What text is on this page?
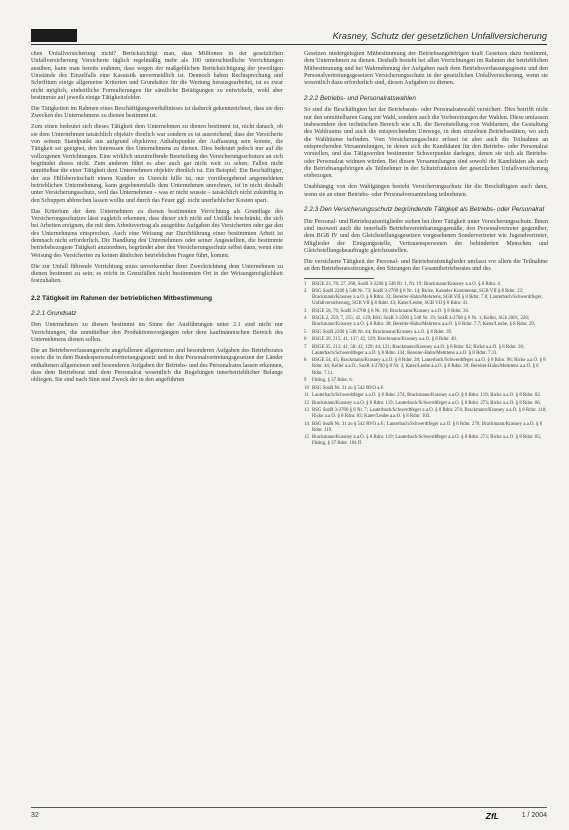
Krasney, Schutz der gesetzlichen Unfallversicherung

chen Unfallversicherung nicht? Berücksichtigt man, dass Millionen in der gesetzlichen Unfallversicherung Versicherte täglich regelmäßig mehr als 100 unterschiedliche Verrichtungen ausüben, kann man bereits erahnen, dass wegen der maßgeblichen Berücksichtigung der jeweiligen Umstände des Einzelfalls eine Kasuistik unvermeidlich ist. Dennoch haben Rechtsprechung und Schrifttum einige allgemeine Kriterien und Grundsätze für die Wertung herausgearbeitet, ist es zwar nicht möglich, einheitliche Formulierungen für sämtliche Betätigungen zu entwickeln, wohl aber bestimmte auf jeweils einige Tätigkeitsfelder.

Die Tätigkeiten im Rahmen eines Beschäftigungsverhältnisses ist dadurch gekennzeichnet, dass sie den Zwecken des Unternehmens zu dienen bestimmt ist.

Zum einen bedeutet sich dieses Tätigkeit dem Unternehmen zu dienen bestimmt ist, nicht danach, ob sie dem Unternehmen tatsächlich objektiv dienlich war sondern es ist ausreichend, dass der Versicherte von seinem Standpunkt aus aufgrund objektiver Anhaltspunkte der Auffassung sein konnte, die Tätigkeit sei geeignet, den Interessen des Unternehmens zu dienen. Dies bedeutet jedoch nur auf die vollzogenen Verrichtungen. Eine wirklich unzutreffende Beurteilung des Versicherungsschutzes an sich begründet dieses nicht. Zum anderen führt es aber auch gar nicht weit zu sehen: Fallen nicht unmittelbar die einer Tätigkeit dem Unternehmen objektiv dienlich ist. Ein Beispiel: Ein Beschäftigter, der aus Hilfsbereitschaft einem Kunden zu Unrecht hilfe ist, nur vorrübergehend angemeldeten betrieblichen Unternehmung, kann gegebenenfalls dem Unternehmen anrechnen, ist in nicht deshalb unter Versicherungsschutz, weil das Unternehmen – was er nicht wusste – tatsächlich nicht zukünftig in den Schuppen abbrechen lassen wollte und durch das Feuer ggf. nicht unerheblicher Kosten spart.

Das Kriterium der dem Unternehmen zu dienen bestimmten Verrichtung als Grundlage des Versicherungsschutzes lässt zugleich erkennen, dass dieser sich nicht auf Unfälle beschränkt, die sich bei Arbeiten ereignen, die mit dem Arbeitsvertrag als ausgeübte Aufgaben des Versicherten oder gar den des Unternehmens entsprechen. Auch eine Weisung zur Durchführung einer bestimmten Arbeit ist demnach nicht erforderlich. Die Handlung des Unternehmers oder seiner Angestellten, die bestimmte betriebsbezogene Tätigkeit anzuordnen, begründet aber den Versicherungsschutz selbst dann, wenn eine Weisung des Versicherten zu keinen ähnlichen betrieblichen Fragen führt, kommt.

Die zur Unfall führende Verrichtung muss unverkennbar ihrer Zweckrichtung dem Unternehmen zu dienen bestimmt zu sein; es reicht in Grenzfällen nicht bestimmten Ort in der Weisungsmöglichkeit festzuhalten.

2.2 Tätigkeit im Rahmen der betrieblichen Mitbestimmung
2.2.1 Grundsatz

Den Unternehmen zu dienen bestimmt im Sinne der Ausführungen unter 2.1 sind nicht nur Verrichtungen, die unmittelbar den Produktionsvorgängen oder dem kaufmännischen Bereich des Unternehmens dienen sollen.

Die an Betriebsverfassungsrecht angefallenen allgemeinen und besonderen Aufgaben des Betriebsrates sowie die in dem Bundespersonalvertretungsgesetz und in den Personalvertretungsgesetzen der Länder enthaltenen allgemeinen und besonderen Aufgaben der Betriebs- und des Personalrates lassen erkennen, dass dem Betriebsrat und dem Personalrat wesentlich die Regelungen innerbetrieblicher Belange obliegen. Sie sind nach Sinn und Zweck der in den angeführten

Gesetzen niedergelegten Mitbestimmung der Betriebsangehörigen kraft Gesetzes dazu bestimmt, dem Unternehmen zu dienen. Deshalb besteht bei allen Verrichtungen im Rahmen der betrieblichen Mitbestimmung und bei Wahrnehmung der Aufgaben nach dem Betriebsverfassungsgesetz und den Personalvertretungsgesetzen Versicherungsschutz in der gesetzlichen Unfallversicherung, wenn sie wesentlich dazu erforderlich sind, diesen Aufgaben zu dienen.

2.2.2 Betriebs- und Personalratswahlen

So sind die Beschäftigten bei der Betriebsrats- oder Personalratswahl versichert. Dies betrifft nicht nur den unmittelbaren Gang zur Wahl, sondern auch die Vorbereitungen der Wahlen. Diese umfassen insbesondere den technischen Bereich wie z.B. die Bereitstellung von Wahlurnen, die Gestaltung des Wahlraums und auch die entsprechenden Umwege, in dem einzelnen Betriebsstätten, wo sich die Wahlräume befinden. Vom Versicherungsschutz erfasst ist aber auch die Teilnahme an entsprechenden Versammlungen, in denen sich die Kandidaten für den Betriebs- oder Personalrat vorstellen, und das Tätigwerden bestimmter Schwerpunkte darlegen, denen sie sich als Betriebs- oder Personalrat widmen würden. Bei diesen Versammlungen sind sowohl die Kandidaten als auch die Betriebsangehörigen als Teilnehmer in der Schutzfunktion der gesetzlichen Unfallversicherung einbezogen.

Unabhängig von den Wahlgängen besteht Versicherungsschutz für die Beschäftigten auch dann, wenn sie an einer Betriebs- oder Personalversammlung teilnehmen.

2.2.3 Den Versicherungsschutz begründende Tätigkeit als Betriebs- oder Personalrat

Die Personal- und Betriebsratsmitglieder stehen bei ihrer Tätigkeit unter Versicherungsschutz. Ihnen sind insoweit auch die innerhalb Betriebsvereinbarungsgemäße, den Personalvertreter gegenüber, dem BGB IV und den Gleichstellungsgesetzen vorgesehenen Sondervertreter wie Jugendvertreter, Mitglieder der Einigungsstelle, Vertrauenspersonen der behinderten Menschen und Gleichstellungsbeauftragte gleichzustellen.

Die versicherte Tätigkeit der Personal- und Betriebsratsmitglieder umfasst vor allem die Teilnahme an den Betriebsratssitzungen, den Sitzungen der Gesamtbetriebsrates und des

1	BSGE 23, 76; 27, 266; SozR 3-2200 § 548 Nr. 1, Nr. 19; Brackmann/Krasney a.a.O. § 8 Rdnr. 4.
2	BSG SozR 2200 § 548 Nr. 73; SozR 3-2700 § 8 Nr. 14; Ricke, Kasseler Kommentar, SGB VII § 8 Rdnr. 22; Brackmann/Krasney a.a.O. § 8 Rdnr. 33; Bereiter-Hahn/Mehrtens, SGB VII § 8 Rdnr. 7.8; Lauterbach/Schwerdtfeger, Unfallversicherung, SGB VII § 8 Rdnr. 43; Kater/Leube, SGB VII § 8 Rdnr. 41.
3	BSGE 58, 76; SozR 3-2700 § 8 Nr. 10; Brackmann/Krasney a.a.O. § 8 Rdnr. 36.
4	BSGE 2, 259; 7, 255; 42, 129; BSG SozR 3-2200 § 548 Nr. 19; SozR 4-2700 § 8 Nr. 1; Keller, SGb 2001, 226; Brackmann/Krasney a.a.O. § 8 Rdnr. 38; Bereiter-Hahn/Mehrtens a.a.O. § 8 Rdnr. 7.7; Kater/Leube, § 8 Rdnr. 39.
5	BSG SozR 2200 § 548 Nr. 44; Brackmann/Krasney a.a.O. § 8 Rdnr. 39.
6	BSGE 20, 215; 41, 137; 42, 129; Brackmann/Krasney a.a.O. § 8 Rdnr. 40.
7	BSGE 35, 212; 41, 58; 42, 129; 44, 121; Brackmann/Krasney a.a.O. § 8 Rdnr. 62; Ricke a.a.O. § 8 Rdnr. 28; Lauterbach/Schwerdtfeger a.a.O. § 8 Rdnr. 134; Bereiter-Hahn/Mehrtens a.a.O. § 8 Rdnr. 7.11.
8	BSGE 54, 45; Brackmann/Krasney a.a.O. § 8 Rdnr. 28; Lauterbach/Schwerdtfeger a.a.O. § 8 Rdnr. 96; Ricke a.a.O. § 8 Rdnr. 44; Keller a.a.O.; SozR 4-2700 § 8 Nr. 3; Kater/Leube a.a.O. § 8 Rdnr. 39; Bereiter-Hahn/Mehrtens a.a.O. § 8 Rdnr. 7.11.
9	Fitting, § 37 Rdnr. 6.
10 BSG SozR Nr. 31 zu § 542 RVO a.F.
11 Lauterbach/Schwerdtfeger a.a.O. § 8 Rdnr. 274; Brackmann/Krasney a.a.O. § 8 Rdnr. 119; Ricke a.a.O. § 8 Rdnr. 82.
12 Brackmann/Krasney a.a.O. § 8 Rdnr. 119; Lauterbach/Schwerdtfeger a.a.O. § 8 Rdnr. 273; Ricke a.a.O. § 8 Rdnr. 86.
13 BSG SozR 3-2700 § 8 Nr. 7; Lauterbach/Schwerdtfeger a.a.O. § 8 Rdnr. 274; Brackmann/Krasney a.a.O. § 8 Rdnr. 118; Ricke a.a.O. § 8 Rdnr. 83; Kater/Leube a.a.O. § 8 Rdnr. 103.
14 BSG SozR Nr. 31 zu § 542 RVO a.F.; Lauterbach/Schwerdtfeger a.a.O. § 8 Rdnr. 276; Brackmann/Krasney a.a.O. § 8 Rdnr. 119.
15 Brackmann/Krasney a.a.O. § 8 Rdnr. 119; Lauterbach/Schwerdtfeger a.a.O. § 8 Rdnr. 273; Ricke a.a.O. § 8 Rdnr. 85; Fitting, § 37 Rdnr. 184 ff.
32	ZfL	1 / 2004
